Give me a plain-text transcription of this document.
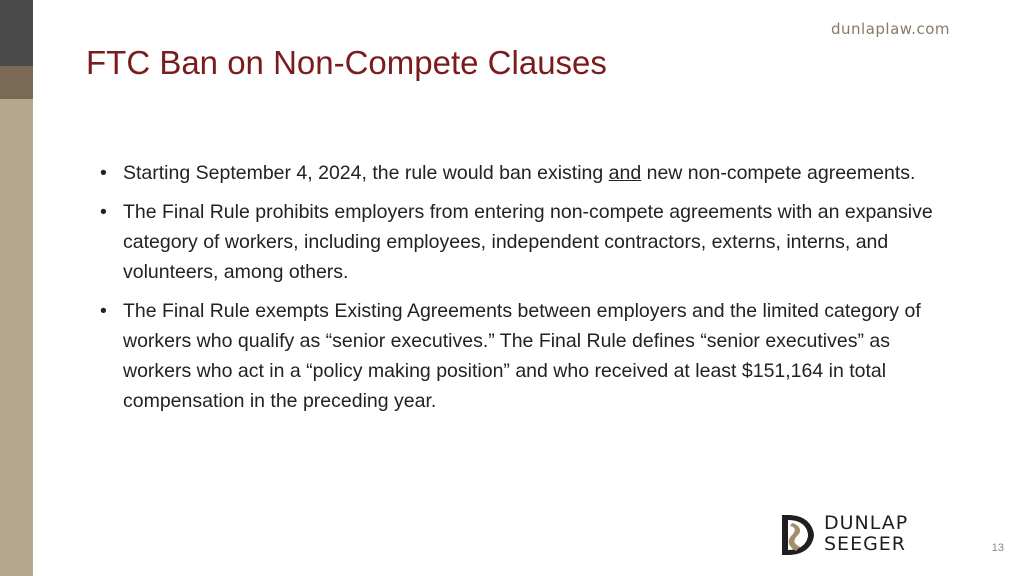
dunlaplaw.com
FTC Ban on Non-Compete Clauses
• Starting September 4, 2024, the rule would ban existing and new non-compete agreements.
• The Final Rule prohibits employers from entering non-compete agreements with an expansive category of workers, including employees, independent contractors, externs, interns, and volunteers, among others.
• The Final Rule exempts Existing Agreements between employers and the limited category of workers who qualify as “senior executives.” The Final Rule defines “senior executives” as workers who act in a “policy making position” and who received at least $151,164 in total compensation in the preceding year.
DUNLAP
SEEGER	13
